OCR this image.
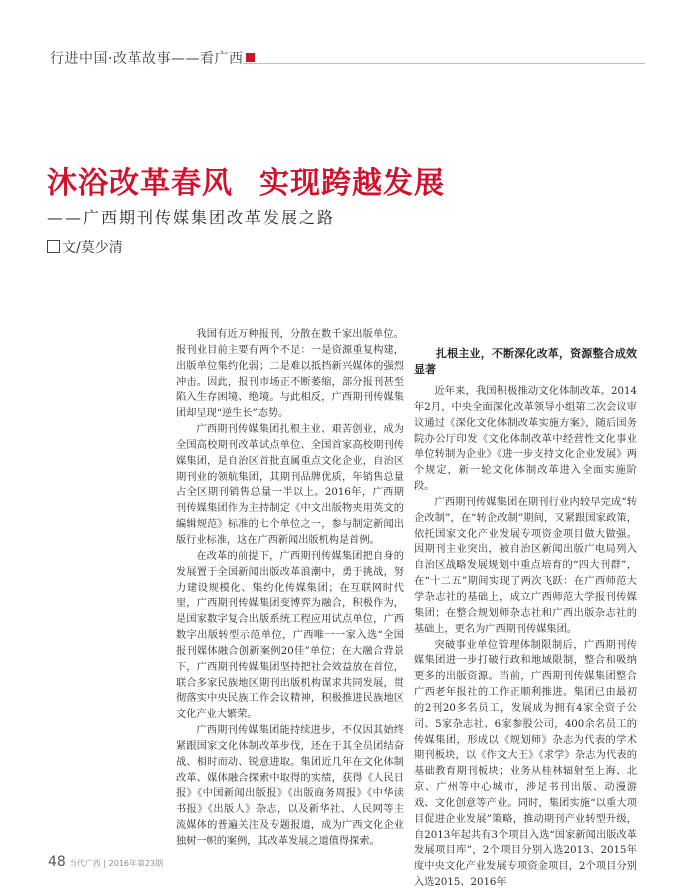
行进中国·改革故事——看广西
沐浴改革春风 实现跨越发展
——广西期刊传媒集团改革发展之路
文/莫少清

我国有近万种报刊，分散在数千家出版单位。报刊业目前主要有两个不足：一是资源重复构建，出版单位集约化弱；二是难以抵挡新兴媒体的强烈冲击。因此，报刊市场正不断萎缩，部分报刊甚至陷入生存困境、绝境。与此相反，广西期刊传媒集团却呈现“逆生长”态势。

广西期刊传媒集团扎根主业、艰苦创业，成为全国高校期刊改革试点单位、全国首家高校期刊传媒集团，是自治区首批直属重点文化企业，自治区期刊业的领航集团，其期刊品牌优质，年销售总量占全区期刊销售总量一半以上。2016年，广西期刊传媒集团作为主持制定《中文出版物夹用英文的编辑规范》标准的七个单位之一，参与制定新闻出版行业标准，这在广西新闻出版机构是首例。

在改革的前提下，广西期刊传媒集团把自身的发展置于全国新闻出版改革浪潮中，勇于挑战，努力建设规模化、集约化传媒集团；在互联网时代里，广西期刊传媒集团变博弈为融合，积极作为，是国家数字复合出版系统工程应用试点单位，广西数字出版转型示范单位，广西唯一一家入选“全国报刊媒体融合创新案例20佳”单位；在大融合背景下，广西期刊传媒集团坚持把社会效益放在首位，联合多家民族地区期刊出版机构谋求共同发展，贯彻落实中央民族工作会议精神，积极推进民族地区文化产业大繁荣。

广西期刊传媒集团能持续进步，不仅因其始终紧跟国家文化体制改革步伐，还在于其全员团结奋战、相时而动、锐意进取。集团近几年在文化体制改革、媒体融合探索中取得的实绩，获得《人民日报》《中国新闻出版报》《出版商务周报》《中华读书报》《出版人》杂志，以及新华社、人民网等主流媒体的普遍关注及专题报道，成为广西文化企业独树一帜的案例，其改革发展之道值得探索。

扎根主业，不断深化改革，资源整合成效显著

近年来，我国积极推动文化体制改革。2014年2月，中央全面深化改革领导小组第二次会议审议通过《深化文化体制改革实施方案》，随后国务院办公厅印发《文化体制改革中经营性文化事业单位转制为企业》《进一步支持文化企业发展》两个规定，新一轮文化体制改革进入全面实施阶段。

广西期刊传媒集团在期刊行业内较早完成“转企改制”，在“转企改制”期间，又紧跟国家政策，依托国家文化产业发展专项资金项目做大做强。因期刊主业突出，被自治区新闻出版广电局列入自治区战略发展规划中重点培育的“四大刊群”，在“十二五”期间实现了两次飞跃：在广西师范大学杂志社的基础上，成立广西师范大学报刊传媒集团；在整合规划师杂志社和广西出版杂志社的基础上，更名为广西期刊传媒集团。

突破事业单位管理体制限制后，广西期刊传媒集团进一步打破行政和地域限制，整合和吸纳更多的出版资源。当前，广西期刊传媒集团整合广西老年报社的工作正顺利推进。集团已由最初的2刊20多名员工，发展成为拥有4家全资子公司、5家杂志社、6家参股公司，400余名员工的传媒集团，形成以《规划师》杂志为代表的学术期刊板块，以《作文大王》《求学》杂志为代表的基础教育期刊板块；业务从桂林辐射至上海、北京、广州等中心城市，涉足书刊出版、动漫游戏、文化创意等产业。同时，集团实施“以重大项目促进企业发展”策略，推动期刊产业转型升级，自2013年起共有3个项目入选“国家新闻出版改革发展项目库”，2个项目分别入选2013、2015年度中央文化产业发展专项资金项目，2个项目分别入选2015、2016年

48 当代广西 | 2016年第23期
